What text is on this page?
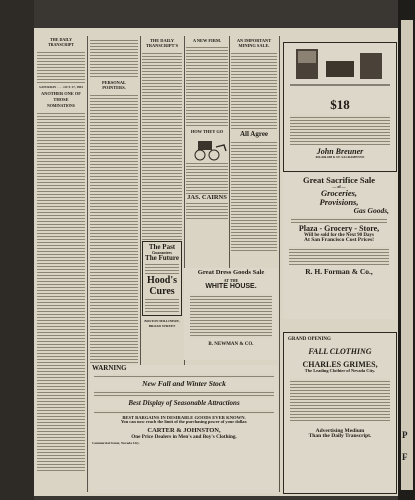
P
F
THE DAILY TRANSCRIPT
SATURDAY . . . . OCT. 27, 1894
ANOTHER ONE OF THOSE
NOMINATIONS
PERSONAL POINTERS.
THE DAILY TRANSCRIPT'S
The Past
Guarantees
The Future
Hood's
Cures
BOSTON MILLINERY, BROAD STREET
A NEW FIRM.
HOW THEY GO
JAS. CAIRNS
AN IMPORTANT MINING SALE.
All Agree
$18
John Breuner
604-606-608 K ST. SACRAMENTO
Great Sacrifice Sale
— of —
Groceries,
Provisions,
Gas Goods,
Plaza - Grocery - Store,
Will be sold for the Next 90 Days
At San Francisco Cost Prices!
R. H. Forman & Co.,
Great Dress Goods Sale
AT THE
WHITE HOUSE.
B. NEWMAN & CO.
WARNING
New Fall and Winter Stock
Best Display of Seasonable Attractions
BEST BARGAINS IN DESIRABLE GOODS EVER KNOWN.
You can now reach the limit of the purchasing power of your dollar.
CARTER & JOHNSTON,
One Price Dealers in Men's and Boy's Clothing.
Commercial Street, Nevada City.
GRAND OPENING
FALL CLOTHING
CHARLES GRIMES,
The Leading Clothier of Nevada City.
Advertising Medium
Than the Daily Transcript.
